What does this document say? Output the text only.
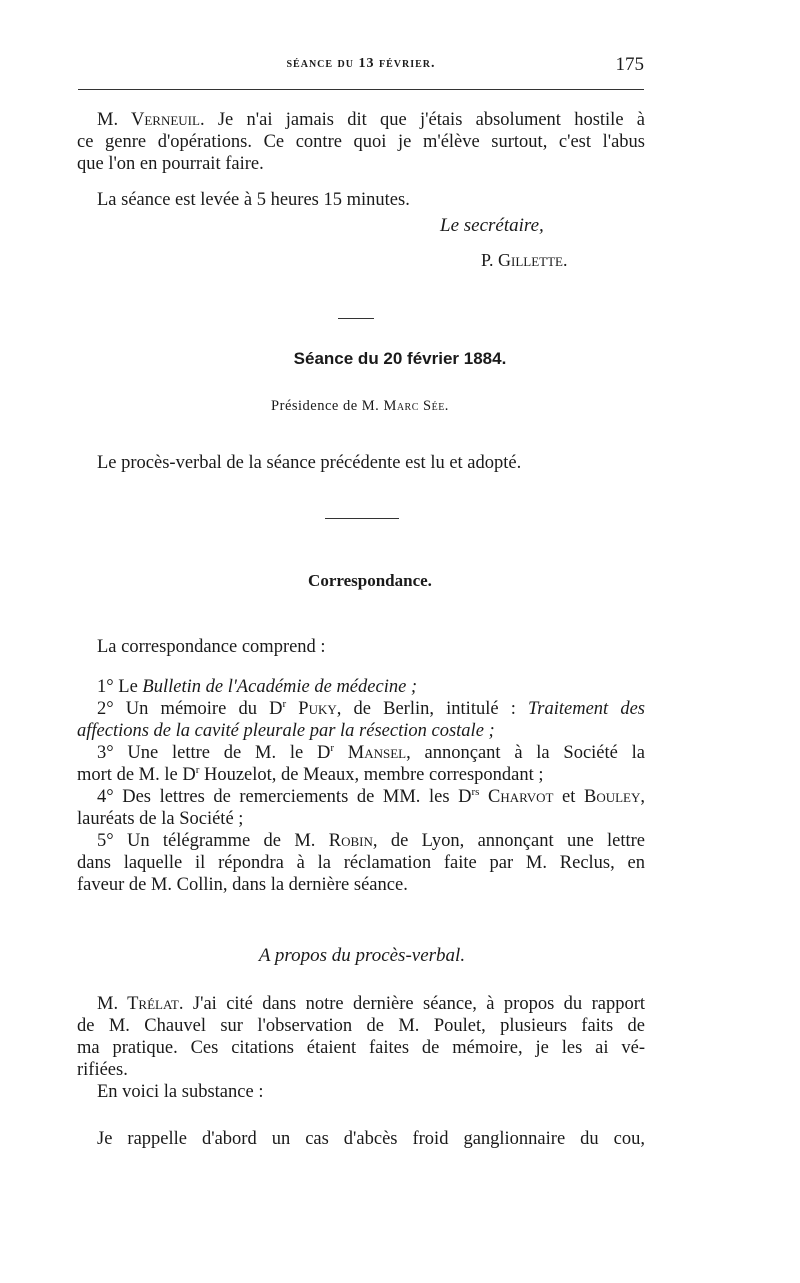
séance du 13 février.	175
M. Verneuil. Je n'ai jamais dit que j'étais absolument hostile à
ce genre d'opérations. Ce contre quoi je m'élève surtout, c'est l'abus
que l'on en pourrait faire.
La séance est levée à 5 heures 15 minutes.
Le secrétaire,
P. Gillette.
Séance du 20 février 1884.
Présidence de M. Marc Sée.
Le procès-verbal de la séance précédente est lu et adopté.
Correspondance.
La correspondance comprend :
1° Le Bulletin de l'Académie de médecine ;
2° Un mémoire du $D^r$ Puky, de Berlin, intitulé : Traitement des
affections de la cavité pleurale par la résection costale ;
3° Une lettre de M. le $D^r$ Mansel, annonçant à la Société la
mort de M. le $D^r$ Houzelot, de Meaux, membre correspondant ;
4° Des lettres de remerciements de MM. les $D^{rs}$ Charvot et Bouley,
lauréats de la Société ;
5° Un télégramme de M. Robin, de Lyon, annonçant une lettre
dans laquelle il répondra à la réclamation faite par M. Reclus, en
faveur de M. Collin, dans la dernière séance.
A propos du procès-verbal.
M. Trélat. J'ai cité dans notre dernière séance, à propos du rapport
de M. Chauvel sur l'observation de M. Poulet, plusieurs faits de
ma pratique. Ces citations étaient faites de mémoire, je les ai vé-
rifiées.
En voici la substance :
Je rappelle d'abord un cas d'abcès froid ganglionnaire du cou,
